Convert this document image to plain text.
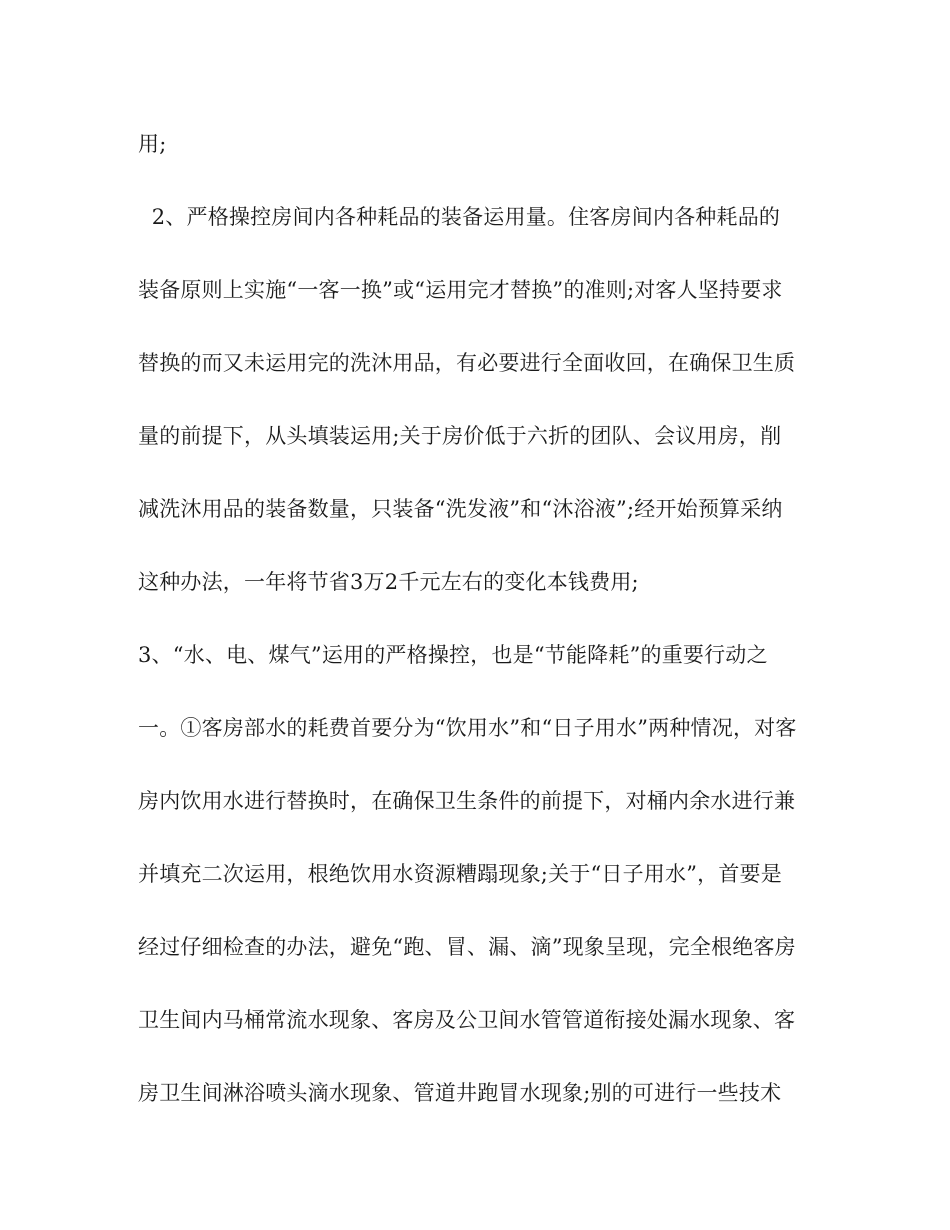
用;
2、严格操控房间内各种耗品的装备运用量。住客房间内各种耗品的
装备原则上实施“一客一换”或“运用完才替换”的准则;对客人坚持要求
替换的而又未运用完的洗沐用品，有必要进行全面收回，在确保卫生质
量的前提下，从头填装运用;关于房价低于六折的团队、会议用房，削
减洗沐用品的装备数量，只装备“洗发液”和“沐浴液”;经开始预算采纳
这种办法，一年将节省3万2千元左右的变化本钱费用;
3、“水、电、煤气”运用的严格操控，也是“节能降耗”的重要行动之
一。①客房部水的耗费首要分为“饮用水”和“日子用水”两种情况，对客
房内饮用水进行替换时，在确保卫生条件的前提下，对桶内余水进行兼
并填充二次运用，根绝饮用水资源糟蹋现象;关于“日子用水”，首要是
经过仔细检查的办法，避免“跑、冒、漏、滴”现象呈现，完全根绝客房
卫生间内马桶常流水现象、客房及公卫间水管管道衔接处漏水现象、客
房卫生间淋浴喷头滴水现象、管道井跑冒水现象;别的可进行一些技术
